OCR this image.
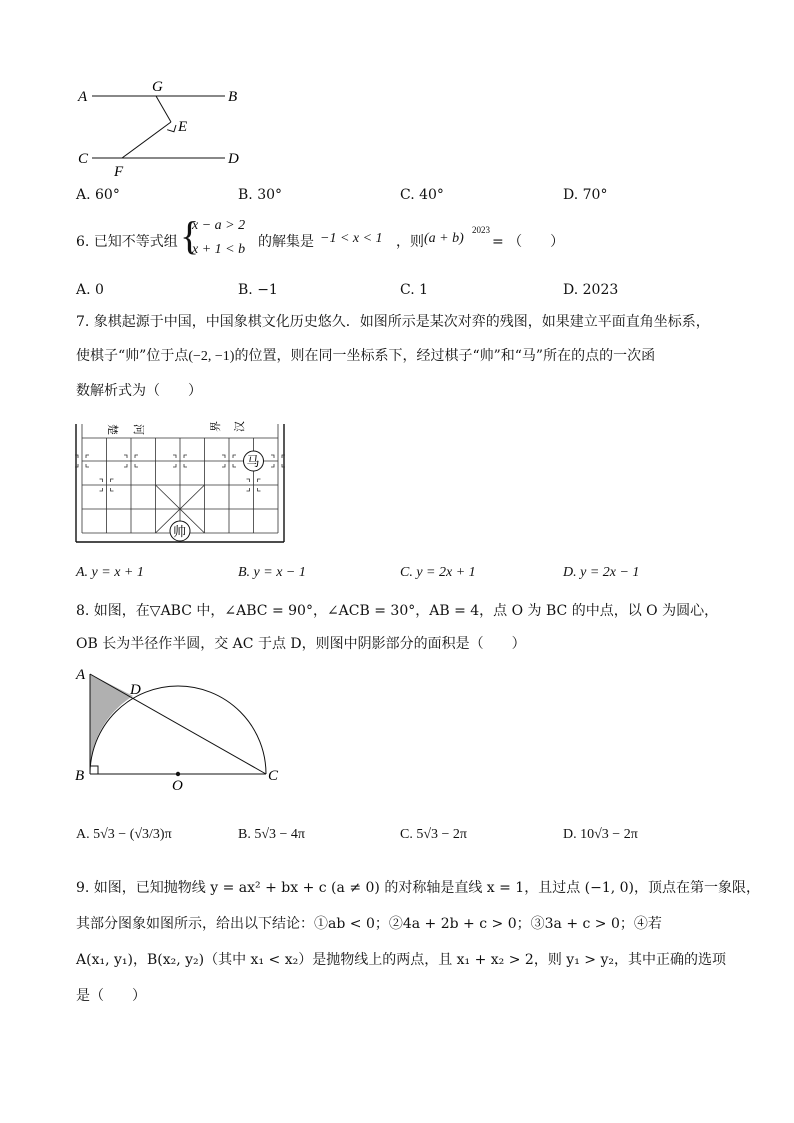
A	B
C	D
G
E
F
A. 60°	B. 30°	C. 40°	D. 70°
6. 已知不等式组 {
x − a > 2
x + 1 < b 的解集是 −1 < x < 1 ，则 (a + b)
2023
= （　　）
A. 0	B. −1	C. 1	D. 2023
7. 象棋起源于中国，中国象棋文化历史悠久．如图所示是某次对弈的残图，如果建立平面直角坐标系，
使棋子“帅”位于点(−2, −1)的位置，则在同一坐标系下，经过棋子“帅”和“马”所在的点的一次函
数解析式为（　　）
楚 河	界 汉
马
帅
A. y = x + 1	B. y = x − 1	C. y = 2x + 1	D. y = 2x − 1
8. 如图，在▽ABC 中，∠ABC = 90°，∠ACB = 30°，AB = 4，点 O 为 BC 的中点，以 O 为圆心，
OB 长为半径作半圆，交 AC 于点 D，则图中阴影部分的面积是（　　）
A
D
B
O
C
A. 5√3 − (√3/3)π	B. 5√3 − 4π	C. 5√3 − 2π	D. 10√3 − 2π
9. 如图，已知抛物线 y = ax² + bx + c (a ≠ 0) 的对称轴是直线 x = 1，且过点 (−1, 0)，顶点在第一象限，
其部分图象如图所示，给出以下结论：①ab < 0；②4a + 2b + c > 0；③3a + c > 0；④若
A(x₁, y₁)，B(x₂, y₂)（其中 x₁ < x₂）是抛物线上的两点，且 x₁ + x₂ > 2，则 y₁ > y₂，其中正确的选项
是（　　）
